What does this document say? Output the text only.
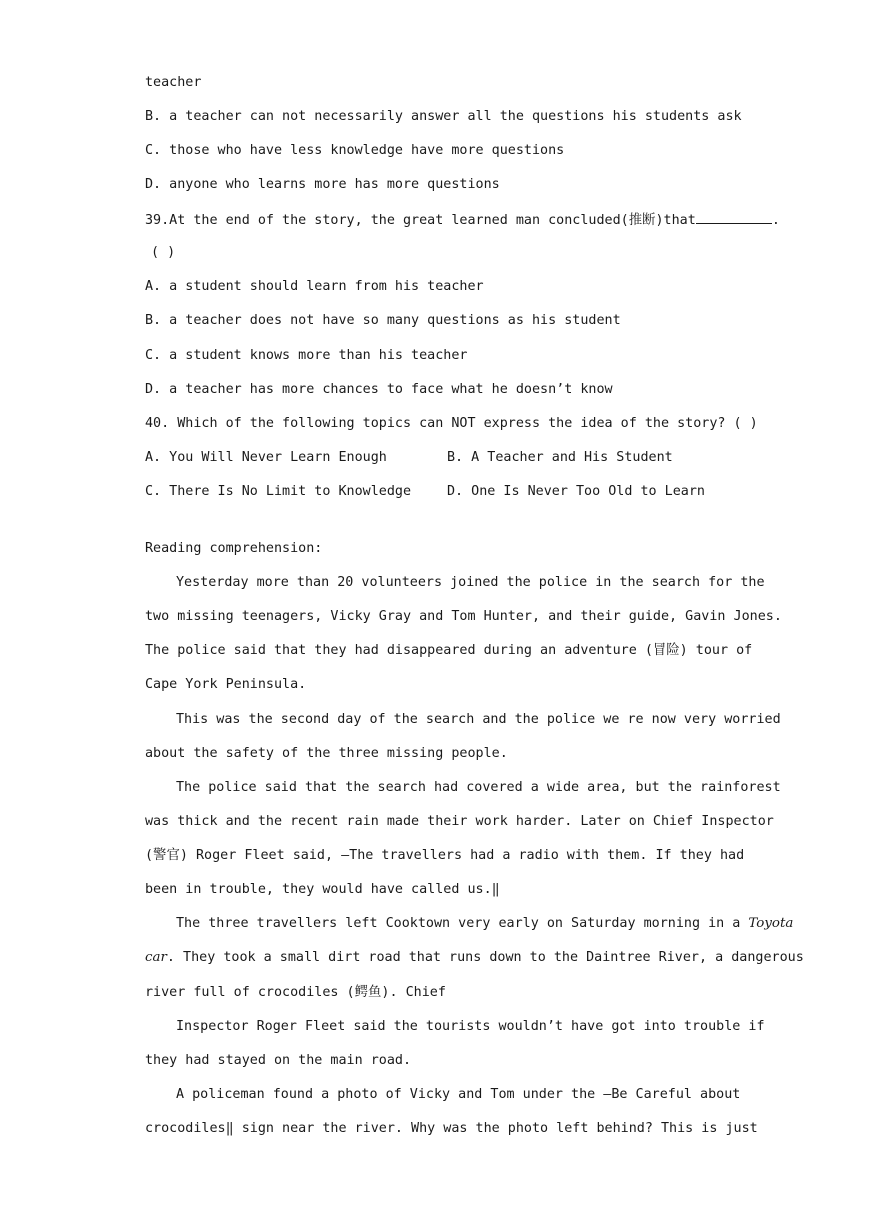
teacher
B. a teacher can not necessarily answer all the questions his students ask
C. those who have less knowledge have more questions
D. anyone who learns more has more questions
39.At the end of the story, the great learned man concluded(推断)that	.
( )
A. a student should learn from his teacher
B. a teacher does not have so many questions as his student
C. a student knows more than his teacher
D. a teacher has more chances to face what he doesn’t know
40. Which of the following topics can NOT express the idea of the story? ( )
A. You Will Never Learn Enough	B. A Teacher and His Student
C. There Is No Limit to Knowledge	D. One Is Never Too Old to Learn
Reading comprehension:
Yesterday more than 20 volunteers joined the police in the search for the
two missing teenagers, Vicky Gray and Tom Hunter, and their guide, Gavin Jones.
The police said that they had disappeared during an adventure (冒险) tour of
Cape York Peninsula.
This was the second day of the search and the police we re now very worried
about the safety of the three missing people.
The police said that the search had covered a wide area, but the rainforest
was thick and the recent rain made their work harder. Later on Chief Inspector
(警官) Roger Fleet said, ―The travellers had a radio with them. If they had
been in trouble, they would have called us.‖
The three travellers left Cooktown very early on Saturday morning in a Toyota
car. They took a small dirt road that runs down to the Daintree River, a dangerous
river full of crocodiles (鳄鱼). Chief
Inspector Roger Fleet said the tourists wouldn’t have got into trouble if
they had stayed on the main road.
A policeman found a photo of Vicky and Tom under the ―Be Careful about
crocodiles‖ sign near the river. Why was the photo left behind? This is just
